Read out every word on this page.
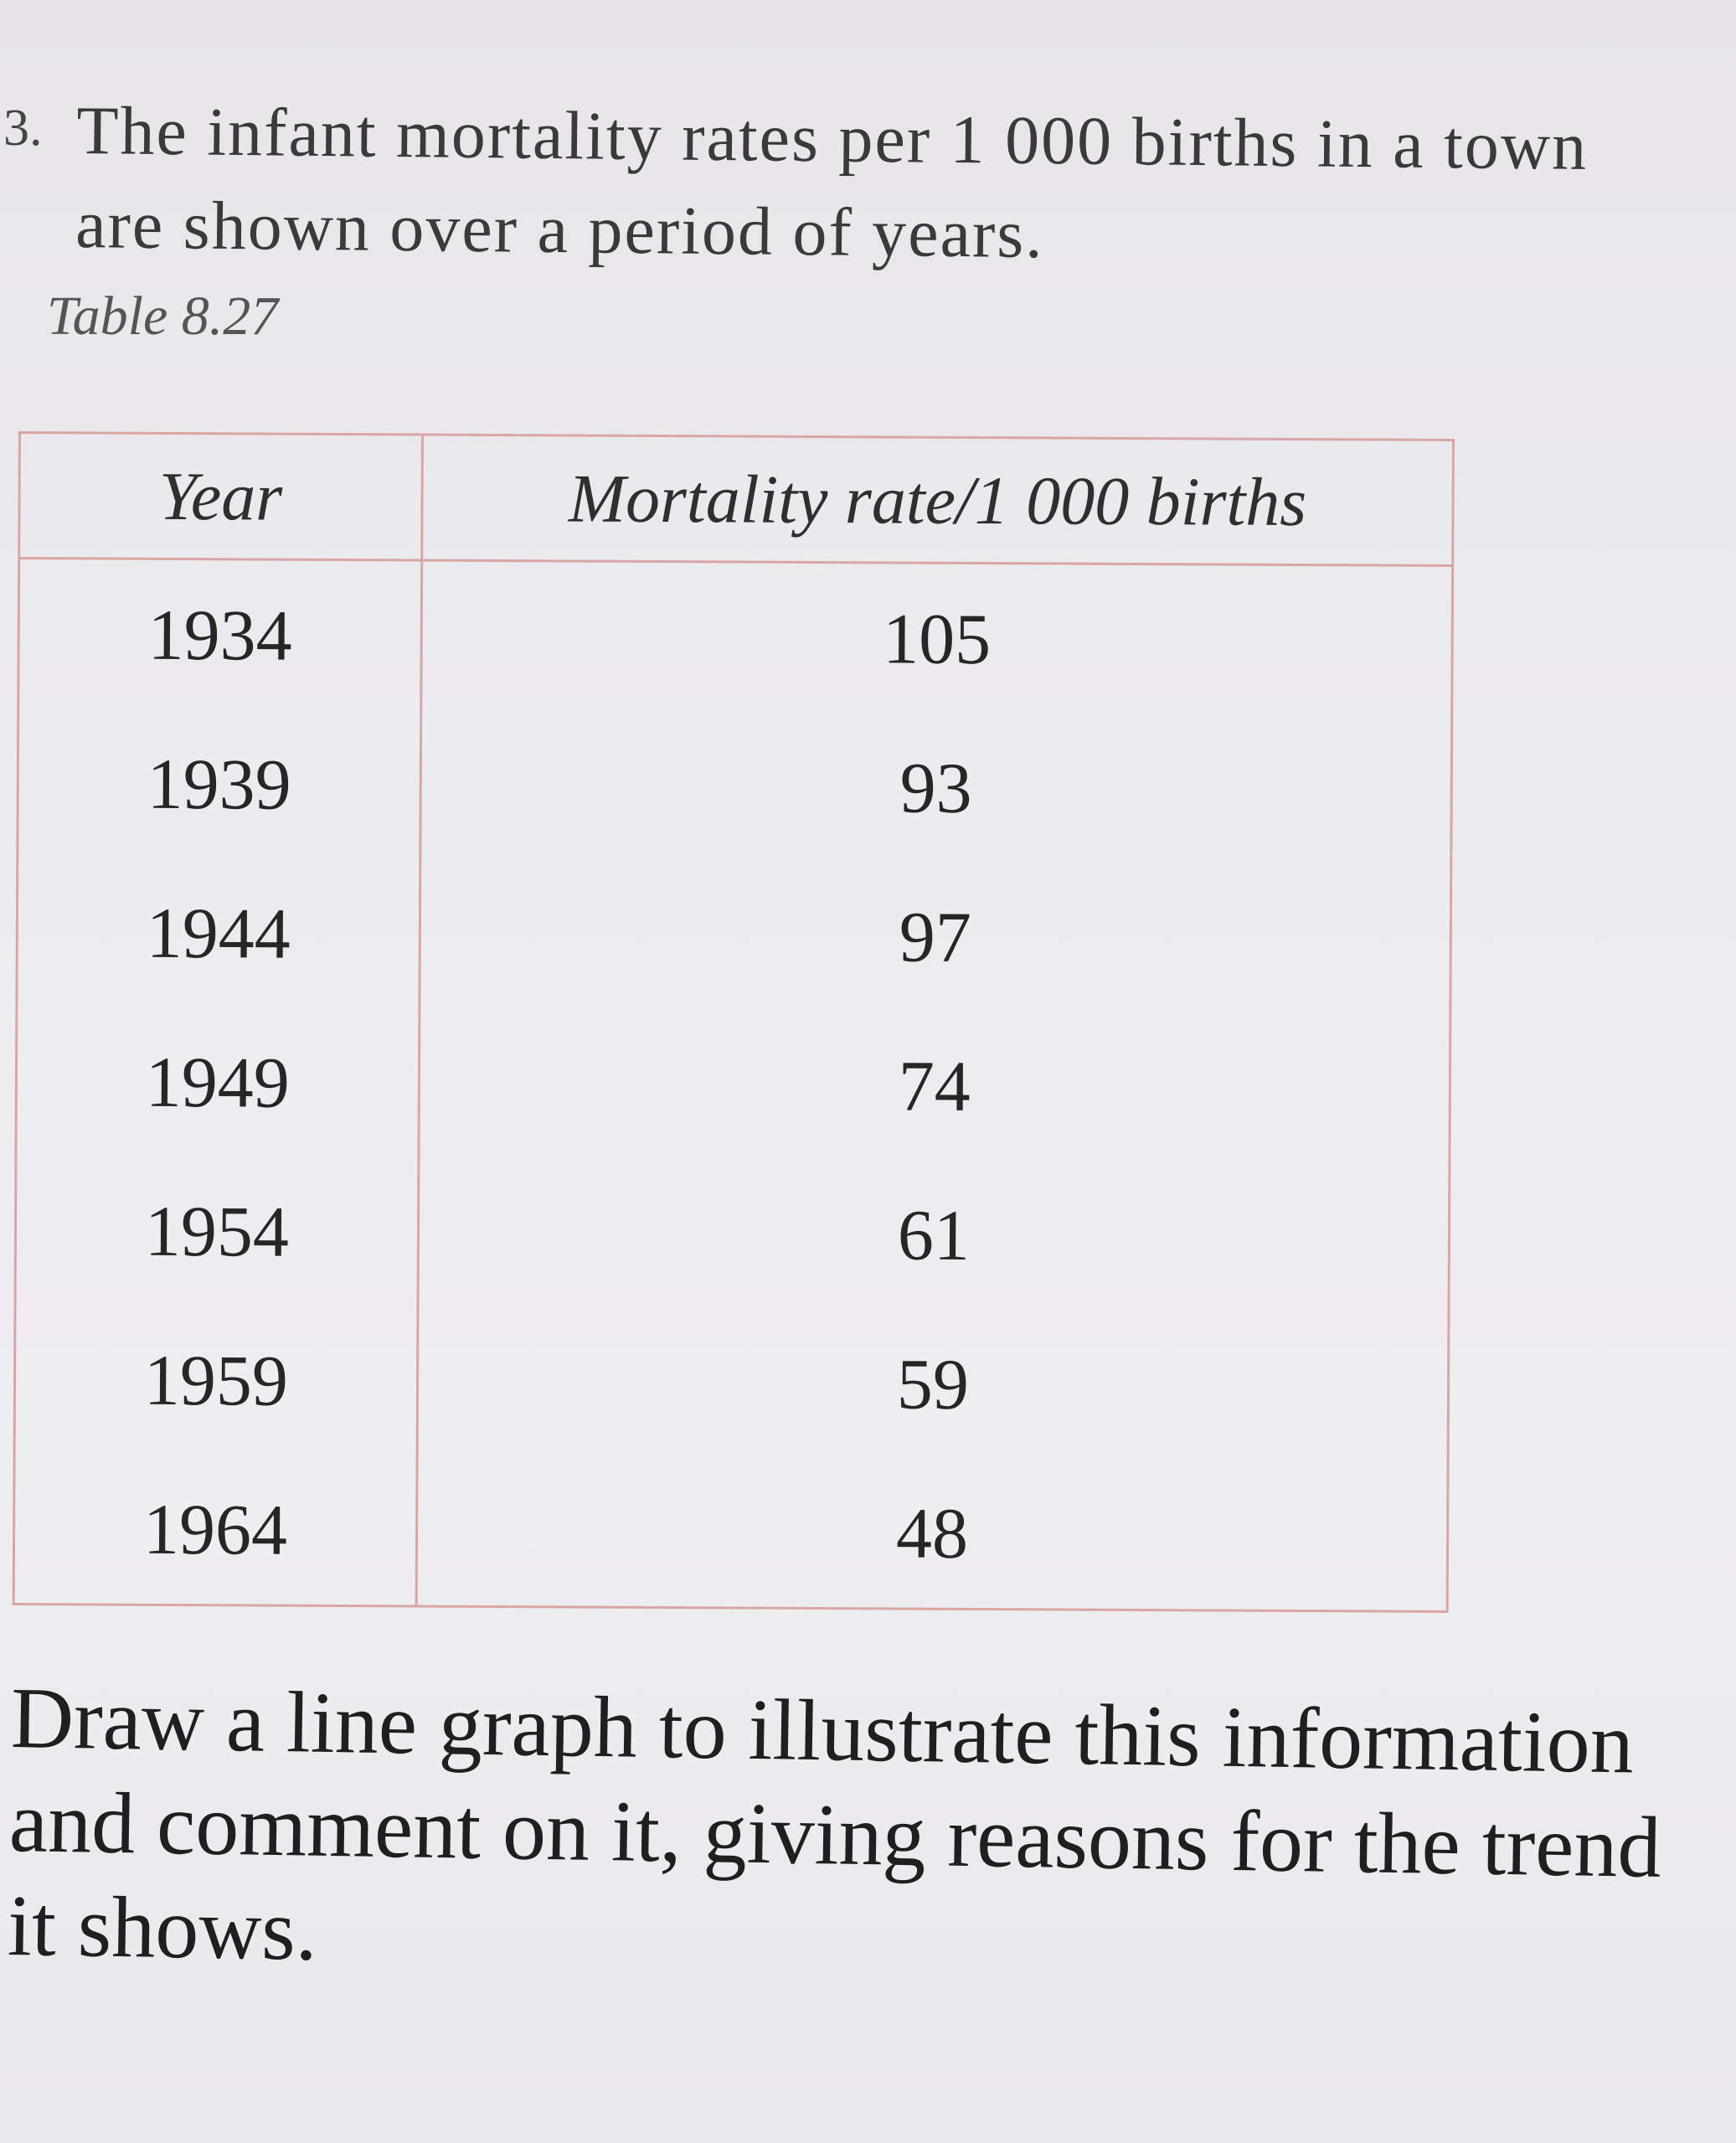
3. The infant mortality rates per 1 000 births in a town are shown over a period of years.
Table 8.27
Year	Mortality rate/1 000 births
1934	105
1939	93
1944	97
1949	74
1954	61
1959	59
1964	48
Draw a line graph to illustrate this information and comment on it, giving reasons for the trend it shows.
